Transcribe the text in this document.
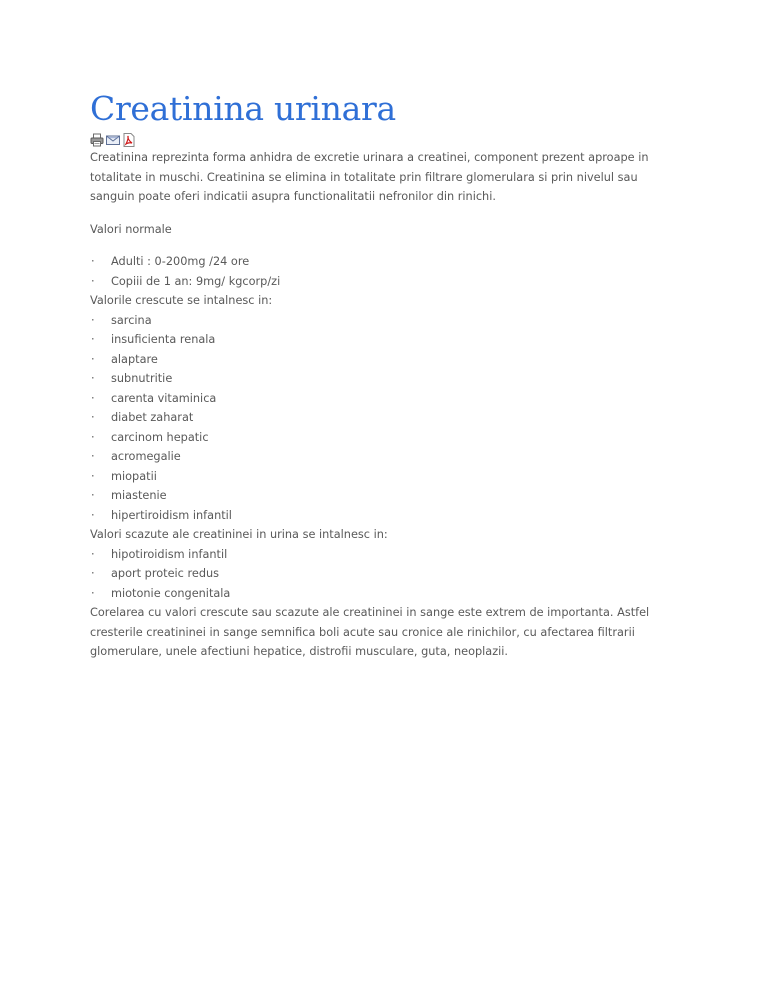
Creatinina urinara

Creatinina reprezinta forma anhidra de excretie urinara a creatinei, component prezent aproape in totalitate in muschi. Creatinina se elimina in totalitate prin filtrare glomerulara si prin nivelul sau sanguin poate oferi indicatii asupra functionalitatii nefronilor din rinichi.

Valori normale

·	Adulti : 0-200mg /24 ore
·	Copiii de 1 an: 9mg/ kgcorp/zi

Valorile crescute se intalnesc in:

·	sarcina
·	insuficienta renala
·	alaptare
·	subnutritie
·	carenta vitaminica
·	diabet zaharat
·	carcinom hepatic
·	acromegalie
·	miopatii
·	miastenie
·	hipertiroidism infantil

Valori scazute ale creatininei in urina se intalnesc in:

·	hipotiroidism infantil
·	aport proteic redus
·	miotonie congenitala

Corelarea cu valori crescute sau scazute ale creatininei in sange este extrem de importanta. Astfel cresterile creatininei in sange semnifica boli acute sau cronice ale rinichilor, cu afectarea filtrarii glomerulare, unele afectiuni hepatice, distrofii musculare, guta, neoplazii.
